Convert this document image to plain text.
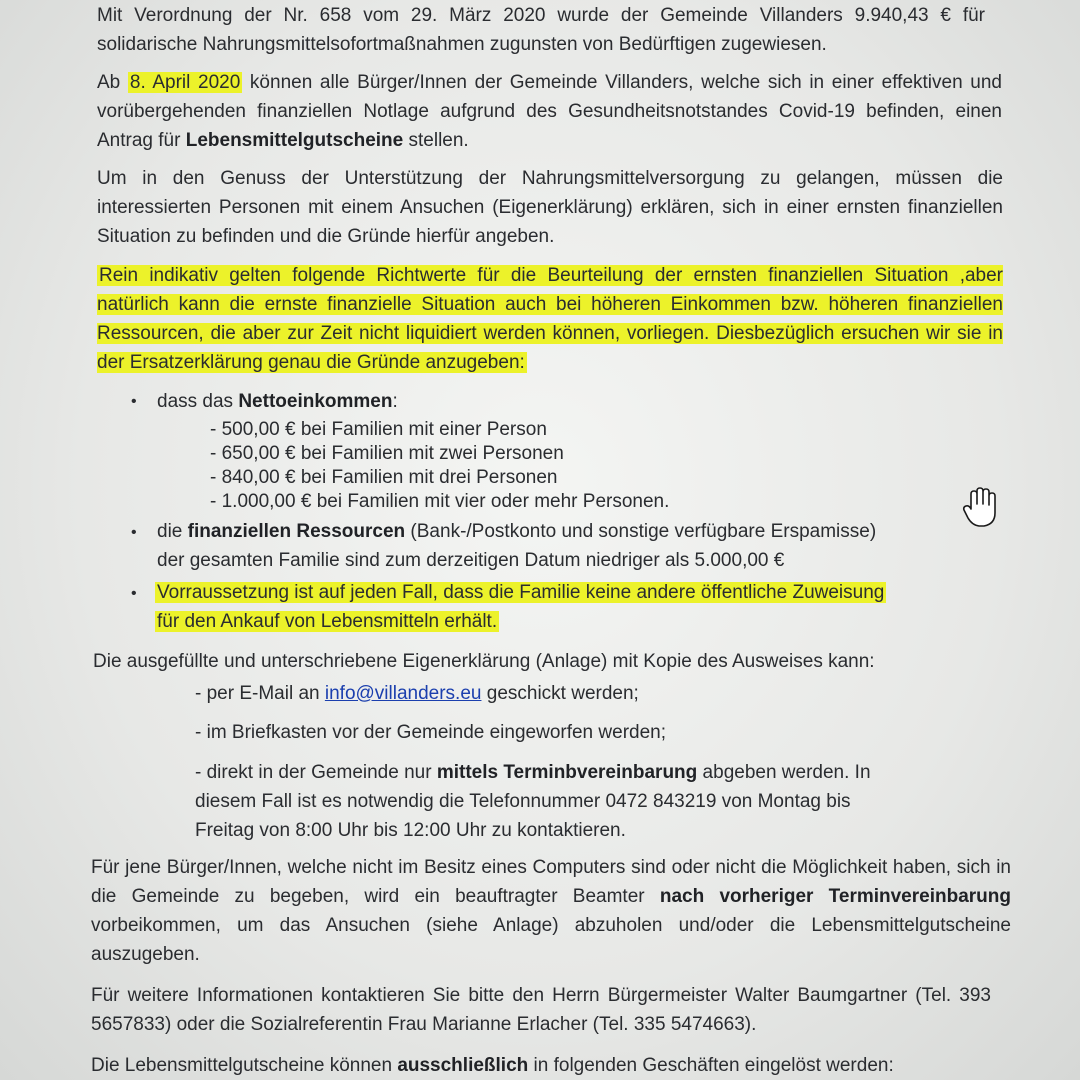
Mit Verordnung der Nr. 658 vom 29. März 2020 wurde der Gemeinde Villanders 9.940,43 € für solidarische Nahrungsmittelsofortmaßnahmen zugunsten von Bedürftigen zugewiesen.

Ab 8. April 2020 können alle Bürger/Innen der Gemeinde Villanders, welche sich in einer effektiven und vorübergehenden finanziellen Notlage aufgrund des Gesundheitsnotstandes Covid-19 befinden, einen Antrag für Lebensmittelgutscheine stellen.

Um in den Genuss der Unterstützung der Nahrungsmittelversorgung zu gelangen, müssen die interessierten Personen mit einem Ansuchen (Eigenerklärung) erklären, sich in einer ernsten finanziellen Situation zu befinden und die Gründe hierfür angeben.

Rein indikativ gelten folgende Richtwerte für die Beurteilung der ernsten finanziellen Situation ,aber natürlich kann die ernste finanzielle Situation auch bei höheren Einkommen bzw. höheren finanziellen Ressourcen, die aber zur Zeit nicht liquidiert werden können, vorliegen. Diesbezüglich ersuchen wir sie in der Ersatzerklärung genau die Gründe anzugeben:

• dass das Nettoeinkommen:
- 500,00 € bei Familien mit einer Person
- 650,00 € bei Familien mit zwei Personen
- 840,00 € bei Familien mit drei Personen
- 1.000,00 € bei Familien mit vier oder mehr Personen.
• die finanziellen Ressourcen (Bank-/Postkonto und sonstige verfügbare Erspamisse)
der gesamten Familie sind zum derzeitigen Datum niedriger als 5.000,00 €
• Vorraussetzung ist auf jeden Fall, dass die Familie keine andere öffentliche Zuweisung
für den Ankauf von Lebensmitteln erhält.
Die ausgefüllte und unterschriebene Eigenerklärung (Anlage) mit Kopie des Ausweises kann:
- per E-Mail an info@villanders.eu geschickt werden;
- im Briefkasten vor der Gemeinde eingeworfen werden;
- direkt in der Gemeinde nur mittels Terminbvereinbarung abgeben werden. In
diesem Fall ist es notwendig die Telefonnummer 0472 843219 von Montag bis
Freitag von 8:00 Uhr bis 12:00 Uhr zu kontaktieren.

Für jene Bürger/Innen, welche nicht im Besitz eines Computers sind oder nicht die Möglichkeit haben, sich in die Gemeinde zu begeben, wird ein beauftragter Beamter nach vorheriger Terminvereinbarung vorbeikommen, um das Ansuchen (siehe Anlage) abzuholen und/oder die Lebensmittelgutscheine auszugeben.

Für weitere Informationen kontaktieren Sie bitte den Herrn Bürgermeister Walter Baumgartner (Tel. 393 5657833) oder die Sozialreferentin Frau Marianne Erlacher (Tel. 335 5474663).

Die Lebensmittelgutscheine können ausschließlich in folgenden Geschäften eingelöst werden:
